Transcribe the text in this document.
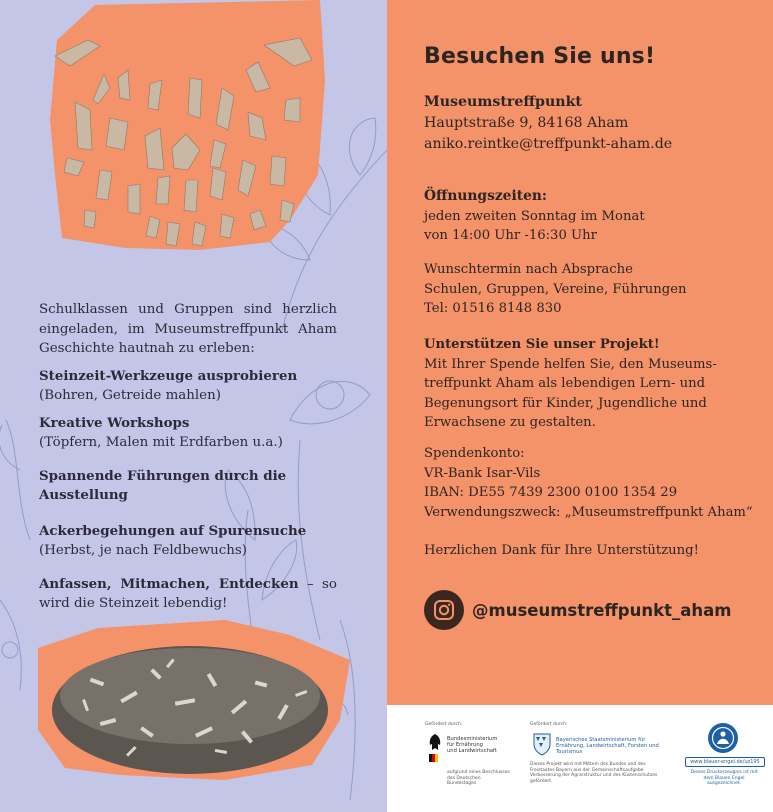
Schulklassen und Gruppen sind herzlich eingeladen, im Museumstreffpunkt Aham Geschichte hautnah zu erleben:

Steinzeit-Werkzeuge ausprobieren

(Bohren, Getreide mahlen)

Kreative Workshops

(Töpfern, Malen mit Erdfarben u.a.)

Spannende Führungen durch die Ausstellung

Ackerbegehungen auf Spurensuche

(Herbst, je nach Feldbewuchs)

Anfassen, Mitmachen, Entdecken – so wird die Steinzeit lebendig!

Besuchen Sie uns!

Museumstreffpunkt

Hauptstraße 9, 84168 Aham

aniko.reintke@treffpunkt-aham.de

Öffnungszeiten:

jeden zweiten Sonntag im Monat

von 14:00 Uhr -16:30 Uhr

Wunschtermin nach Absprache

Schulen, Gruppen, Vereine, Führungen

Tel: 01516 8148 830

Unterstützen Sie unser Projekt!

Mit Ihrer Spende helfen Sie, den Museums-

treffpunkt Aham als lebendigen Lern- und

Begenungsort für Kinder, Jugendliche und

Erwachsene zu gestalten.

Spendenkonto:

VR-Bank Isar-Vils

IBAN: DE55 7439 2300 0100 1354 29

Verwendungszweck: „Museumstreffpunkt Aham“

Herzlichen Dank für Ihre Unterstützung!

@museumstreffpunkt_aham
Gefördert durch:
Bundesministerium
für Ernährung
und Landwirtschaft
aufgrund eines Beschlusses
des Deutschen Bundestages
Gefördert durch:
Bayerisches Staatsministerium für
Ernährung, Landwirtschaft, Forsten und Tourismus
Dieses Projekt wird mit Mitteln des Bundes und des Freistaates Bayern aus der Gemeinschaftsaufgabe Verbesserung der Agrarstruktur und des Küstenschutzes gefördert.
www.blauer-engel.de/uz195
Dieses Druckerzeugnis ist mit dem Blauen Engel ausgezeichnet.
